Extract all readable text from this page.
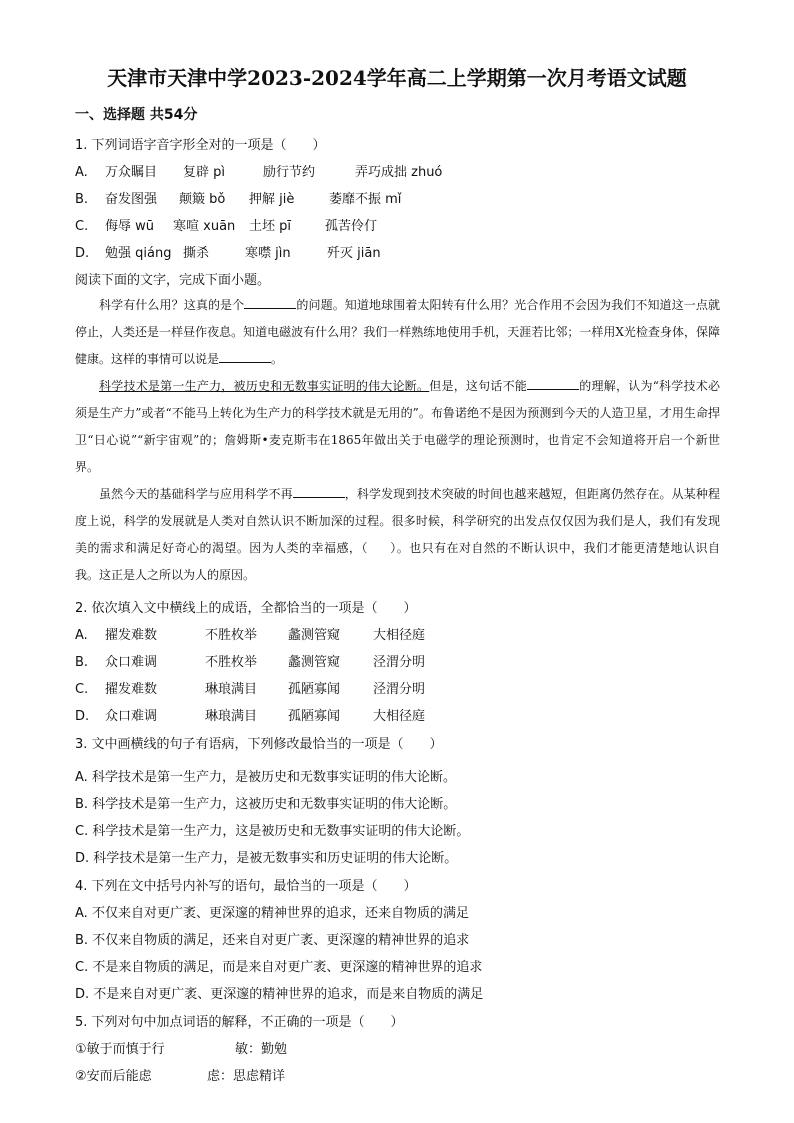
天津市天津中学2023-2024学年高二上学期第一次月考语文试题
一、选择题 共54分
1. 下列词语字音字形全对的一项是（　　）
A. 万众瞩目 复辟 pì	励行节约	弄巧成拙 zhuó
B. 奋发图强 颠簸 bǒ 押解 jiè	萎靡不振 mǐ
C. 侮辱 wū 寒喧 xuān 土坯 pī	孤苦伶仃
D. 勉强 qiáng 撕杀	寒噤 jìn	歼灭 jiān
阅读下面的文字，完成下面小题。

科学有什么用？这真的是个	的问题。知道地球围着太阳转有什么用？光合作用不会因为我们不知道这一点就停止，人类还是一样昼作夜息。知道电磁波有什么用？我们一样熟练地使用手机，天涯若比邻；一样用X光检查身体，保障健康。这样的事情可以说是	。

科学技术是第一生产力，被历史和无数事实证明的伟大论断。但是，这句话不能	的理解，认为“科学技术必须是生产力”或者“不能马上转化为生产力的科学技术就是无用的”。布鲁诺绝不是因为预测到今天的人造卫星，才用生命捍卫“日心说”“新宇宙观”的；詹姆斯•麦克斯韦在1865年做出关于电磁学的理论预测时，也肯定不会知道将开启一个新世界。

虽然今天的基础科学与应用科学不再	，科学发现到技术突破的时间也越来越短，但距离仍然存在。从某种程度上说，科学的发展就是人类对自然认识不断加深的过程。很多时候，科学研究的出发点仅仅因为我们是人，我们有发现美的需求和满足好奇心的渴望。因为人类的幸福感，（ ）。也只有在对自然的不断认识中，我们才能更清楚地认识自我。这正是人之所以为人的原因。

2. 依次填入文中横线上的成语，全都恰当的一项是（　　）
A. 擢发难数	不胜枚举 蠡测管窥	大相径庭
B. 众口难调	不胜枚举 蠡测管窥	泾渭分明
C. 擢发难数	琳琅满目 孤陋寡闻	泾渭分明
D. 众口难调	琳琅满目 孤陋寡闻	大相径庭
3. 文中画横线的句子有语病，下列修改最恰当的一项是（　　）
A. 科学技术是第一生产力，是被历史和无数事实证明的伟大论断。
B. 科学技术是第一生产力，这被历史和无数事实证明的伟大论断。
C. 科学技术是第一生产力，这是被历史和无数事实证明的伟大论断。
D. 科学技术是第一生产力，是被无数事实和历史证明的伟大论断。
4. 下列在文中括号内补写的语句，最恰当的一项是（　　）
A. 不仅来自对更广袤、更深邃的精神世界的追求，还来自物质的满足
B. 不仅来自物质的满足，还来自对更广袤、更深邃的精神世界的追求
C. 不是来自物质的满足，而是来自对更广袤、更深邃的精神世界的追求
D. 不是来自对更广袤、更深邃的精神世界的追求，而是来自物质的满足
5. 下列对句中加点词语的解释，不正确的一项是（　　）
①敏于而慎于行	敏：勤勉
②安而后能虑	虑：思虑精详
